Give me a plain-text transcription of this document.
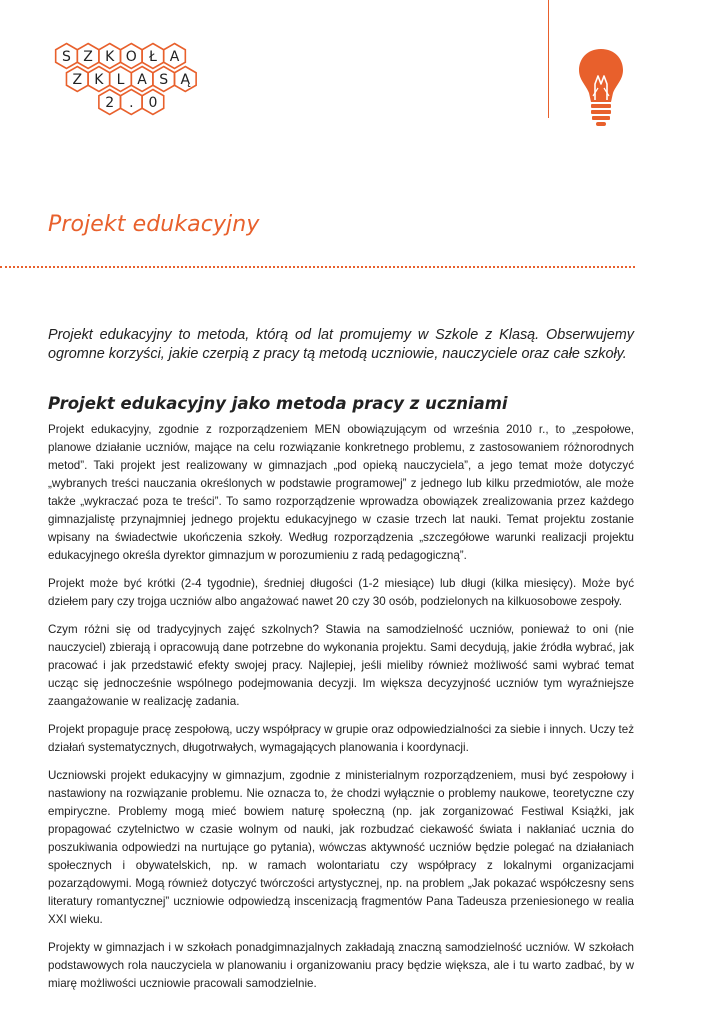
S Z K O Ł A
Z K L A S Ą
2 . 0
Projekt edukacyjny

Projekt edukacyjny to metoda, którą od lat promujemy w Szkole z Klasą. Obserwujemy ogromne korzyści, jakie czerpią z pracy tą metodą uczniowie, nauczyciele oraz całe szkoły.

Projekt edukacyjny jako metoda pracy z uczniami

Projekt edukacyjny, zgodnie z rozporządzeniem MEN obowiązującym od września 2010 r., to „zespołowe, planowe działanie uczniów, mające na celu rozwiązanie konkretnego problemu, z zastosowaniem różnorodnych metod”. Taki projekt jest realizowany w gimnazjach „pod opieką nauczyciela”, a jego temat może dotyczyć „wybranych treści nauczania określonych w podstawie programowej” z jednego lub kilku przedmiotów, ale może także „wykraczać poza te treści”. To samo rozporządzenie wprowadza obowiązek zrealizowania przez każdego gimnazjalistę przynajmniej jednego projektu edukacyjnego w czasie trzech lat nauki. Temat projektu zostanie wpisany na świadectwie ukończenia szkoły. Według rozporządzenia „szczegółowe warunki realizacji projektu edukacyjnego określa dyrektor gimnazjum w porozumieniu z radą pedagogiczną”.

Projekt może być krótki (2-4 tygodnie), średniej długości (1-2 miesiące) lub długi (kilka miesięcy). Może być dziełem pary czy trojga uczniów albo angażować nawet 20 czy 30 osób, podzielonych na kilkuosobowe zespoły.

Czym różni się od tradycyjnych zajęć szkolnych? Stawia na samodzielność uczniów, ponieważ to oni (nie nauczyciel) zbierają i opracowują dane potrzebne do wykonania projektu. Sami decydują, jakie źródła wybrać, jak pracować i jak przedstawić efekty swojej pracy. Najlepiej, jeśli mieliby również możliwość sami wybrać temat ucząc się jednocześnie wspólnego podejmowania decyzji. Im większa decyzyjność uczniów tym wyraźniejsze zaangażowanie w realizację zadania.

Projekt propaguje pracę zespołową, uczy współpracy w grupie oraz odpowiedzialności za siebie i innych. Uczy też działań systematycznych, długotrwałych, wymagających planowania i koordynacji.

Uczniowski projekt edukacyjny w gimnazjum, zgodnie z ministerialnym rozporządzeniem, musi być zespołowy i nastawiony na rozwiązanie problemu. Nie oznacza to, że chodzi wyłącznie o problemy naukowe, teoretyczne czy empiryczne. Problemy mogą mieć bowiem naturę społeczną (np. jak zorganizować Festiwal Książki, jak propagować czytelnictwo w czasie wolnym od nauki, jak rozbudzać ciekawość świata i nakłaniać ucznia do poszukiwania odpowiedzi na nurtujące go pytania), wówczas aktywność uczniów będzie polegać na działaniach społecznych i obywatelskich, np. w ramach wolontariatu czy współpracy z lokalnymi organizacjami pozarządowymi. Mogą również dotyczyć twórczości artystycznej, np. na problem „Jak pokazać współczesny sens literatury romantycznej” uczniowie odpowiedzą inscenizacją fragmentów Pana Tadeusza przeniesionego w realia XXI wieku.

Projekty w gimnazjach i w szkołach ponadgimnazjalnych zakładają znaczną samodzielność uczniów. W szkołach podstawowych rola nauczyciela w planowaniu i organizowaniu pracy będzie większa, ale i tu warto zadbać, by w miarę możliwości uczniowie pracowali samodzielnie.
